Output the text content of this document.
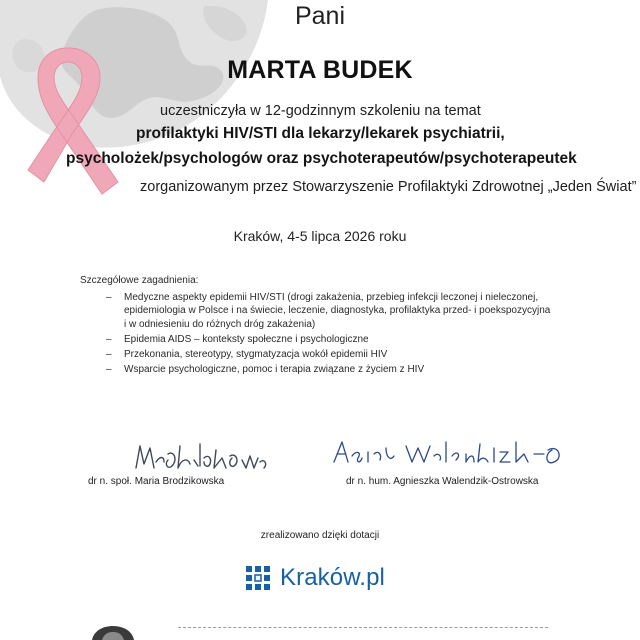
Pani
MARTA BUDEK
uczestniczyła w 12-godzinnym szkoleniu na temat
profilaktyki HIV/STI dla lekarzy/lekarek psychiatrii,
psycholożek/psychologów oraz psychoterapeutów/psychoterapeutek
zorganizowanym przez Stowarzyszenie Profilaktyki Zdrowotnej „Jeden Świat”
Kraków, 4-5 lipca 2026 roku
Szczegółowe zagadnienia:
– Medyczne aspekty epidemii HIV/STI (drogi zakażenia, przebieg infekcji leczonej i nieleczonej,
epidemiologia w Polsce i na świecie, leczenie, diagnostyka, profilaktyka przed- i poekspozycyjna
i w odniesieniu do różnych dróg zakażenia)
– Epidemia AIDS – konteksty społeczne i psychologiczne
– Przekonania, stereotypy, stygmatyzacja wokół epidemii HIV
– Wsparcie psychologiczne, pomoc i terapia związane z życiem z HIV
dr n. społ. Maria Brodzikowska	dr n. hum. Agnieszka Walendzik-Ostrowska
zrealizowano dzięki dotacji
Kraków.pl
